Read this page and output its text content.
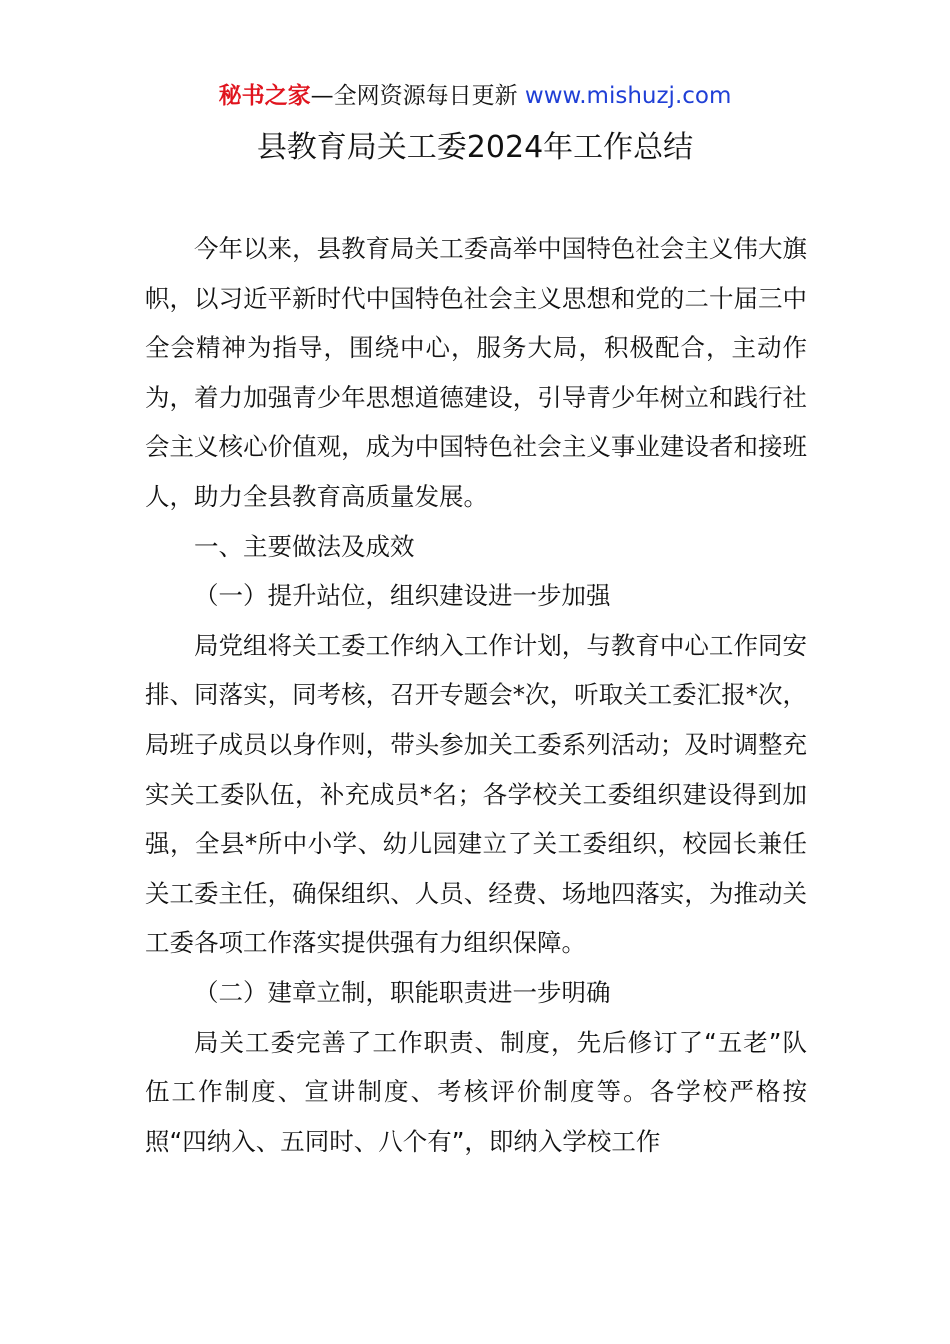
秘书之家—全网资源每日更新 www.mishuzj.com
县教育局关工委2024年工作总结

今年以来，县教育局关工委高举中国特色社会主义伟大旗帜，以习近平新时代中国特色社会主义思想和党的二十届三中全会精神为指导，围绕中心，服务大局，积极配合，主动作为，着力加强青少年思想道德建设，引导青少年树立和践行社会主义核心价值观，成为中国特色社会主义事业建设者和接班人，助力全县教育高质量发展。

一、主要做法及成效

（一）提升站位，组织建设进一步加强

局党组将关工委工作纳入工作计划，与教育中心工作同安排、同落实，同考核，召开专题会*次，听取关工委汇报*次，局班子成员以身作则，带头参加关工委系列活动；及时调整充实关工委队伍，补充成员*名；各学校关工委组织建设得到加强，全县*所中小学、幼儿园建立了关工委组织，校园长兼任关工委主任，确保组织、人员、经费、场地四落实，为推动关工委各项工作落实提供强有力组织保障。

（二）建章立制，职能职责进一步明确

局关工委完善了工作职责、制度，先后修订了“五老”队伍工作制度、宣讲制度、考核评价制度等。各学校严格按照“四纳入、五同时、八个有”，即纳入学校工作
